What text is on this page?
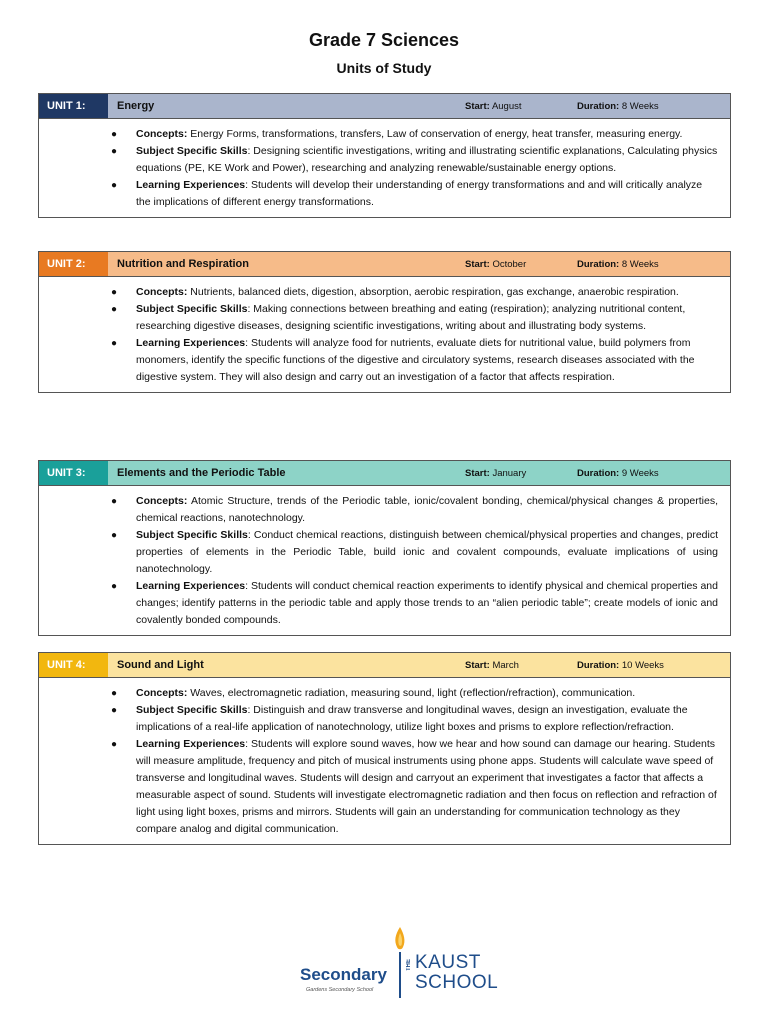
Grade 7 Sciences
Units of Study
UNIT 1:	Energy	Start: August	Duration: 8 Weeks
● Concepts: Energy Forms, transformations, transfers, Law of conservation of energy, heat transfer, measuring energy.
● Subject Specific Skills: Designing scientific investigations, writing and illustrating scientific explanations, Calculating physics equations (PE, KE Work and Power), researching and analyzing renewable/sustainable energy options.
● Learning Experiences: Students will develop their understanding of energy transformations and and will critically analyze the implications of different energy transformations.
UNIT 2:	Nutrition and Respiration	Start: October	Duration: 8 Weeks
● Concepts: Nutrients, balanced diets, digestion, absorption, aerobic respiration, gas exchange, anaerobic respiration.
● Subject Specific Skills: Making connections between breathing and eating (respiration); analyzing nutritional content, researching digestive diseases, designing scientific investigations, writing about and illustrating body systems.
● Learning Experiences: Students will analyze food for nutrients, evaluate diets for nutritional value, build polymers from monomers, identify the specific functions of the digestive and circulatory systems, research diseases associated with the digestive system. They will also design and carry out an investigation of a factor that affects respiration.
UNIT 3:	Elements and the Periodic Table	Start: January	Duration: 9 Weeks
● Concepts: Atomic Structure, trends of the Periodic table, ionic/covalent bonding, chemical/physical changes & properties, chemical reactions, nanotechnology.
● Subject Specific Skills: Conduct chemical reactions, distinguish between chemical/physical properties and changes, predict properties of elements in the Periodic Table, build ionic and covalent compounds, evaluate implications of using nanotechnology.
● Learning Experiences: Students will conduct chemical reaction experiments to identify physical and chemical properties and changes; identify patterns in the periodic table and apply those trends to an “alien periodic table”; create models of ionic and covalently bonded compounds.
UNIT 4:	Sound and Light	Start: March	Duration: 10 Weeks
● Concepts: Waves, electromagnetic radiation, measuring sound, light (reflection/refraction), communication.
● Subject Specific Skills: Distinguish and draw transverse and longitudinal waves, design an investigation, evaluate the implications of a real-life application of nanotechnology, utilize light boxes and prisms to explore reflection/refraction.
● Learning Experiences: Students will explore sound waves, how we hear and how sound can damage our hearing. Students will measure amplitude, frequency and pitch of musical instruments using phone apps. Students will calculate wave speed of transverse and longitudinal waves. Students will design and carryout an experiment that investigates a factor that affects a measurable aspect of sound. Students will investigate electromagnetic radiation and then focus on reflection and refraction of light using light boxes, prisms and mirrors. Students will gain an understanding for communication technology as they compare analog and digital communication.
Secondary
Gardens Secondary School
THE KAUST
SCHOOL
